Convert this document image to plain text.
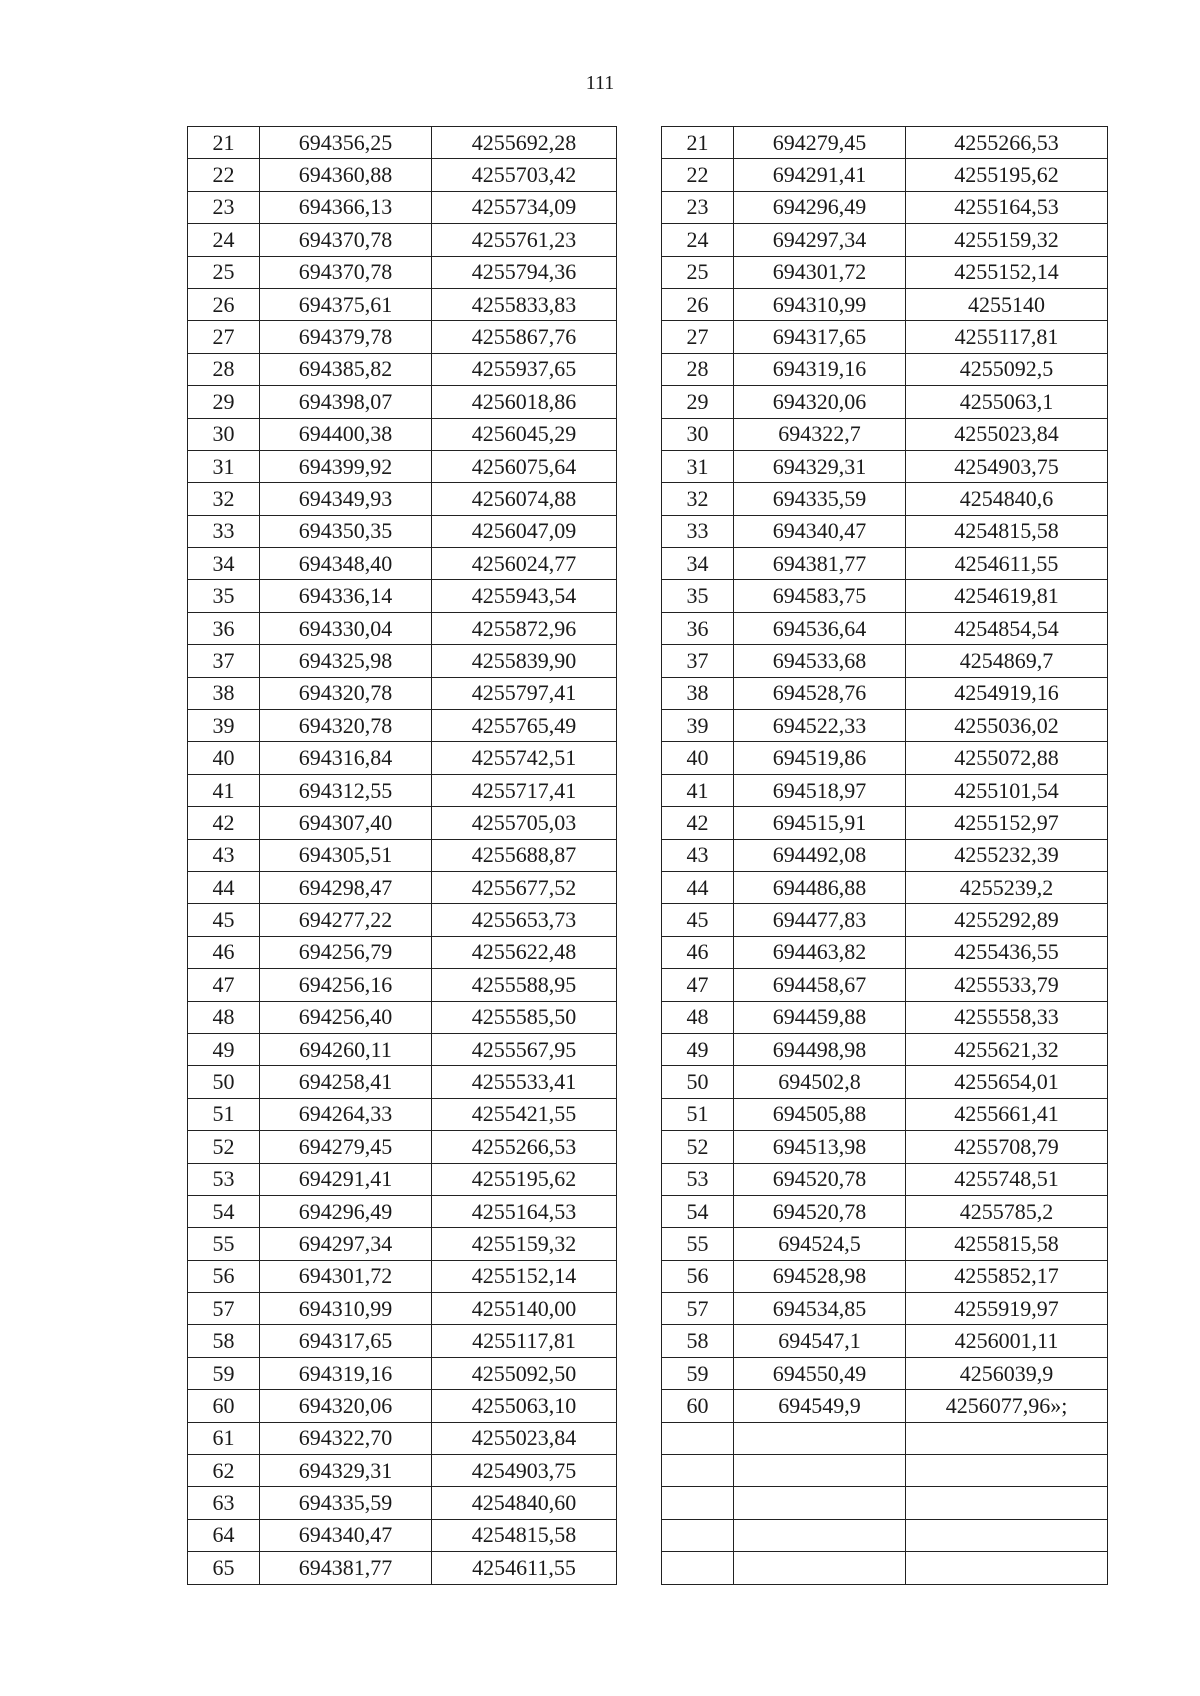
111
21	694356,25	4255692,28
22	694360,88	4255703,42
23	694366,13	4255734,09
24	694370,78	4255761,23
25	694370,78	4255794,36
26	694375,61	4255833,83
27	694379,78	4255867,76
28	694385,82	4255937,65
29	694398,07	4256018,86
30	694400,38	4256045,29
31	694399,92	4256075,64
32	694349,93	4256074,88
33	694350,35	4256047,09
34	694348,40	4256024,77
35	694336,14	4255943,54
36	694330,04	4255872,96
37	694325,98	4255839,90
38	694320,78	4255797,41
39	694320,78	4255765,49
40	694316,84	4255742,51
41	694312,55	4255717,41
42	694307,40	4255705,03
43	694305,51	4255688,87
44	694298,47	4255677,52
45	694277,22	4255653,73
46	694256,79	4255622,48
47	694256,16	4255588,95
48	694256,40	4255585,50
49	694260,11	4255567,95
50	694258,41	4255533,41
51	694264,33	4255421,55
52	694279,45	4255266,53
53	694291,41	4255195,62
54	694296,49	4255164,53
55	694297,34	4255159,32
56	694301,72	4255152,14
57	694310,99	4255140,00
58	694317,65	4255117,81
59	694319,16	4255092,50
60	694320,06	4255063,10
61	694322,70	4255023,84
62	694329,31	4254903,75
63	694335,59	4254840,60
64	694340,47	4254815,58
65	694381,77	4254611,55
21	694279,45	4255266,53
22	694291,41	4255195,62
23	694296,49	4255164,53
24	694297,34	4255159,32
25	694301,72	4255152,14
26	694310,99	4255140
27	694317,65	4255117,81
28	694319,16	4255092,5
29	694320,06	4255063,1
30	694322,7	4255023,84
31	694329,31	4254903,75
32	694335,59	4254840,6
33	694340,47	4254815,58
34	694381,77	4254611,55
35	694583,75	4254619,81
36	694536,64	4254854,54
37	694533,68	4254869,7
38	694528,76	4254919,16
39	694522,33	4255036,02
40	694519,86	4255072,88
41	694518,97	4255101,54
42	694515,91	4255152,97
43	694492,08	4255232,39
44	694486,88	4255239,2
45	694477,83	4255292,89
46	694463,82	4255436,55
47	694458,67	4255533,79
48	694459,88	4255558,33
49	694498,98	4255621,32
50	694502,8	4255654,01
51	694505,88	4255661,41
52	694513,98	4255708,79
53	694520,78	4255748,51
54	694520,78	4255785,2
55	694524,5	4255815,58
56	694528,98	4255852,17
57	694534,85	4255919,97
58	694547,1	4256001,11
59	694550,49	4256039,9
60	694549,9	4256077,96»;
